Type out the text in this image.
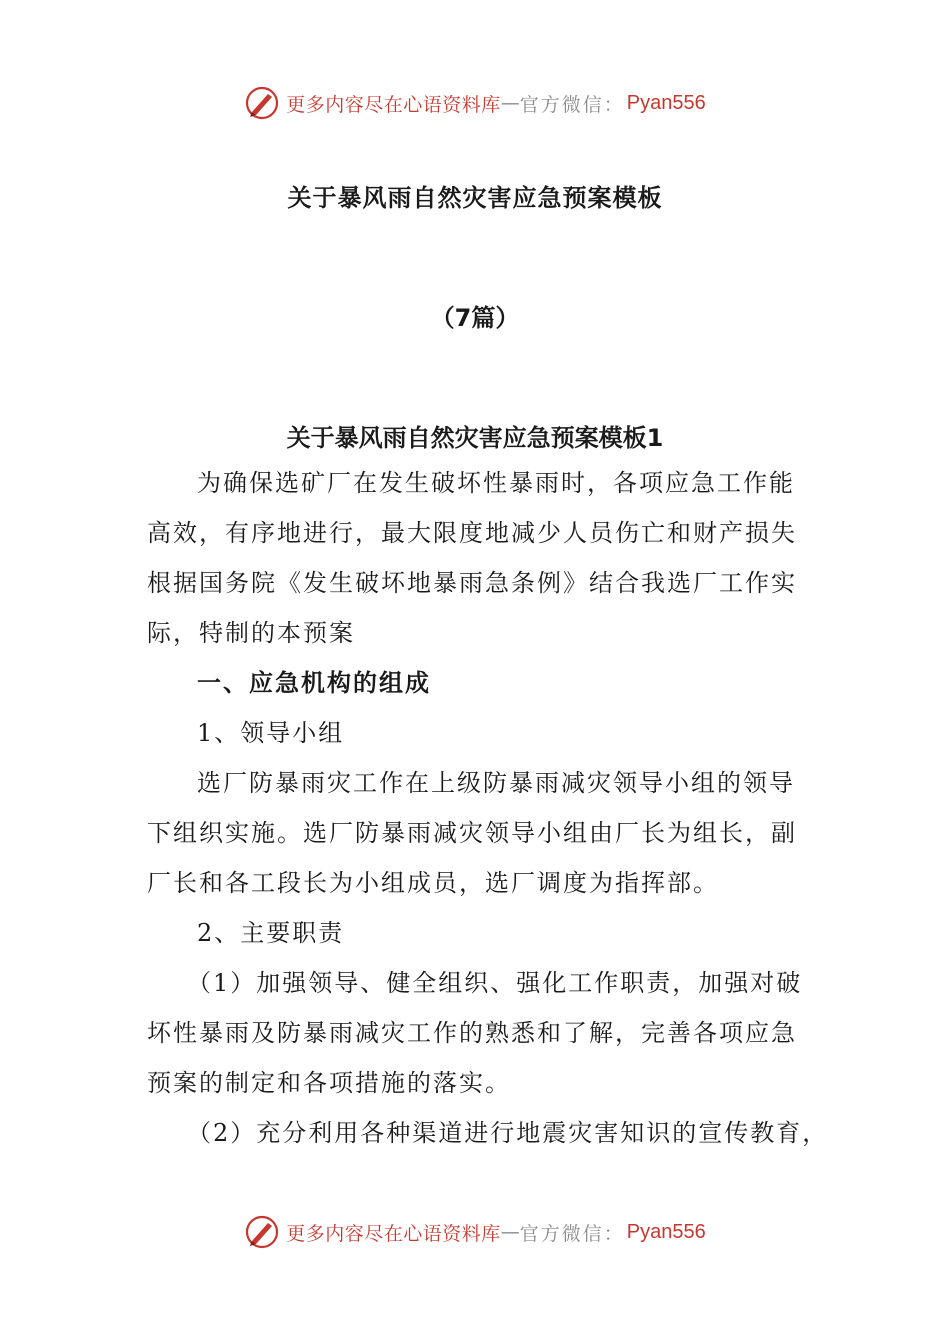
更多内容尽在心语资料库 — 官方微信： Pyan556
关于暴风雨自然灾害应急预案模板
（7篇）
关于暴风雨自然灾害应急预案模板1
为确保选矿厂在发生破坏性暴雨时，各项应急工作能
高效，有序地进行，最大限度地减少人员伤亡和财产损失
根据国务院《发生破坏地暴雨急条例》结合我选厂工作实
际，特制的本预案
一、应急机构的组成
1、领导小组
选厂防暴雨灾工作在上级防暴雨减灾领导小组的领导
下组织实施。选厂防暴雨减灾领导小组由厂长为组长，副
厂长和各工段长为小组成员，选厂调度为指挥部。
2、主要职责
（1）加强领导、健全组织、强化工作职责，加强对破
坏性暴雨及防暴雨减灾工作的熟悉和了解，完善各项应急
预案的制定和各项措施的落实。
（2）充分利用各种渠道进行地震灾害知识的宣传教育，
更多内容尽在心语资料库 — 官方微信： Pyan556
